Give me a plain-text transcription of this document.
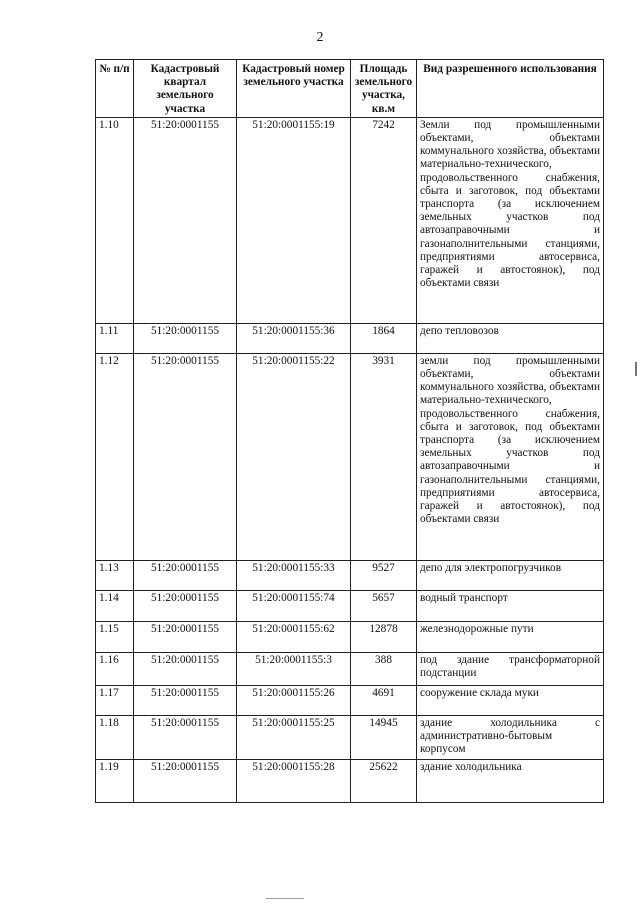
2
№ п/п	Кадастровый квартал земельного участка	Кадастровый номер земельного участка	Площадь земельного участка, кв.м	Вид разрешенного использования
1.10	51:20:0001155	51:20:0001155:19	7242	Земли под промышленными объектами, объектами коммунального хозяйства, объектами материально-технического, продовольственного снабжения, сбыта и заготовок, под объектами транспорта (за исключением земельных участков под автозаправочными и газонаполнительными станциями, предприятиями автосервиса, гаражей и автостоянок), под объектами связи
1.11	51:20:0001155	51:20:0001155:36	1864	депо тепловозов
1.12	51:20:0001155	51:20:0001155:22	3931	земли под промышленными объектами, объектами коммунального хозяйства, объектами материально-технического, продовольственного снабжения, сбыта и заготовок, под объектами транспорта (за исключением земельных участков под автозаправочными и газонаполнительными станциями, предприятиями автосервиса, гаражей и автостоянок), под объектами связи
1.13	51:20:0001155	51:20:0001155:33	9527	депо для электропогрузчиков
1.14	51:20:0001155	51:20:0001155:74	5657	водный транспорт
1.15	51:20:0001155	51:20:0001155:62	12878	железнодорожные пути
1.16	51:20:0001155	51:20:0001155:3	388	под здание трансформаторной подстанции
1.17	51:20:0001155	51:20:0001155:26	4691	сооружение склада муки
1.18	51:20:0001155	51:20:0001155:25	14945	здание холодильника с административно-бытовым корпусом
1.19	51:20:0001155	51:20:0001155:28	25622	здание холодильника
